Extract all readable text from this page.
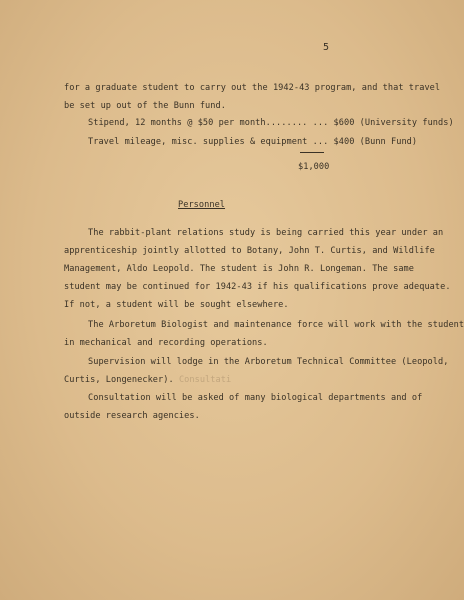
5
for a graduate student to carry out the 1942-43 program, and that travel
be set up out of the Bunn fund.
Stipend, 12 months @ $50 per month........ ... $600 (University funds)
Travel mileage, misc. supplies & equipment ... $400 (Bunn Fund)
$1,000
Personnel
The rabbit-plant relations study is being carried this year under an
apprenticeship jointly allotted to Botany, John T. Curtis, and Wildlife
Management, Aldo Leopold. The student is John R. Longeman. The same
student may be continued for 1942-43 if his qualifications prove adequate.
If not, a student will be sought elsewhere.
The Arboretum Biologist and maintenance force will work with the student
in mechanical and recording operations.
Supervision will lodge in the Arboretum Technical Committee (Leopold,
Curtis, Longenecker). Consultati
Consultation will be asked of many biological departments and of
outside research agencies.
